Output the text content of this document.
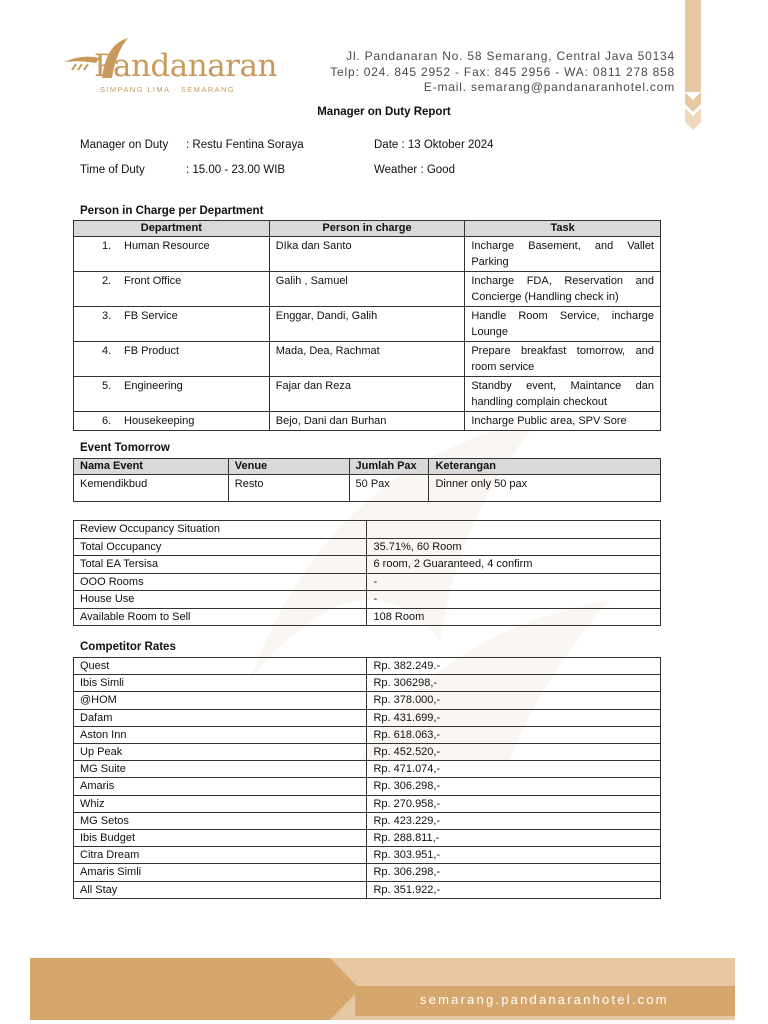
Pandanaran
SIMPANG LIMA · SEMARANG
Jl. Pandanaran No. 58 Semarang, Central Java 50134
Telp: 024. 845 2952 - Fax: 845 2956 - WA: 0811 278 858
E-mail. semarang@pandanaranhotel.com
Manager on Duty Report
Manager on Duty : Restu Fentina Soraya
Time of Duty	: 15.00 - 23.00 WIB
Date : 13 Oktober 2024
Weather : Good
Person in Charge per Department
Department	Person in charge	Task
1. Human Resource	DIka dan Santo	Incharge Basement, and Vallet Parking
2. Front Office	Galih , Samuel	Incharge FDA, Reservation and Concierge (Handling check in)
3. FB Service	Enggar, Dandi, Galih	Handle Room Service, incharge Lounge
4. FB Product	Mada, Dea, Rachmat	Prepare breakfast tomorrow, and room service
5. Engineering	Fajar dan Reza	Standby event, Maintance dan handling complain checkout
6. Housekeeping	Bejo, Dani dan Burhan	Incharge Public area, SPV Sore
Event Tomorrow
Nama Event	Venue	Jumlah Pax	Keterangan
Kemendikbud	Resto	50 Pax	Dinner only 50 pax
Review Occupancy Situation	
Total Occupancy	35.71%, 60 Room
Total EA Tersisa	6 room, 2 Guaranteed, 4 confirm
OOO Rooms	-
House Use	-
Available Room to Sell	108 Room
Competitor Rates
Quest	Rp. 382.249.-
Ibis Simli	Rp. 306298,-
@HOM	Rp. 378.000,-
Dafam	Rp. 431.699,-
Aston Inn	Rp. 618.063,-
Up Peak	Rp. 452.520,-
MG Suite	Rp. 471.074,-
Amaris	Rp. 306.298,-
Whiz	Rp. 270.958,-
MG Setos	Rp. 423.229,-
Ibis Budget	Rp. 288.811,-
Citra Dream	Rp. 303.951,-
Amaris Simli	Rp. 306.298,-
All Stay	Rp. 351.922,-
semarang.pandanaranhotel.com
